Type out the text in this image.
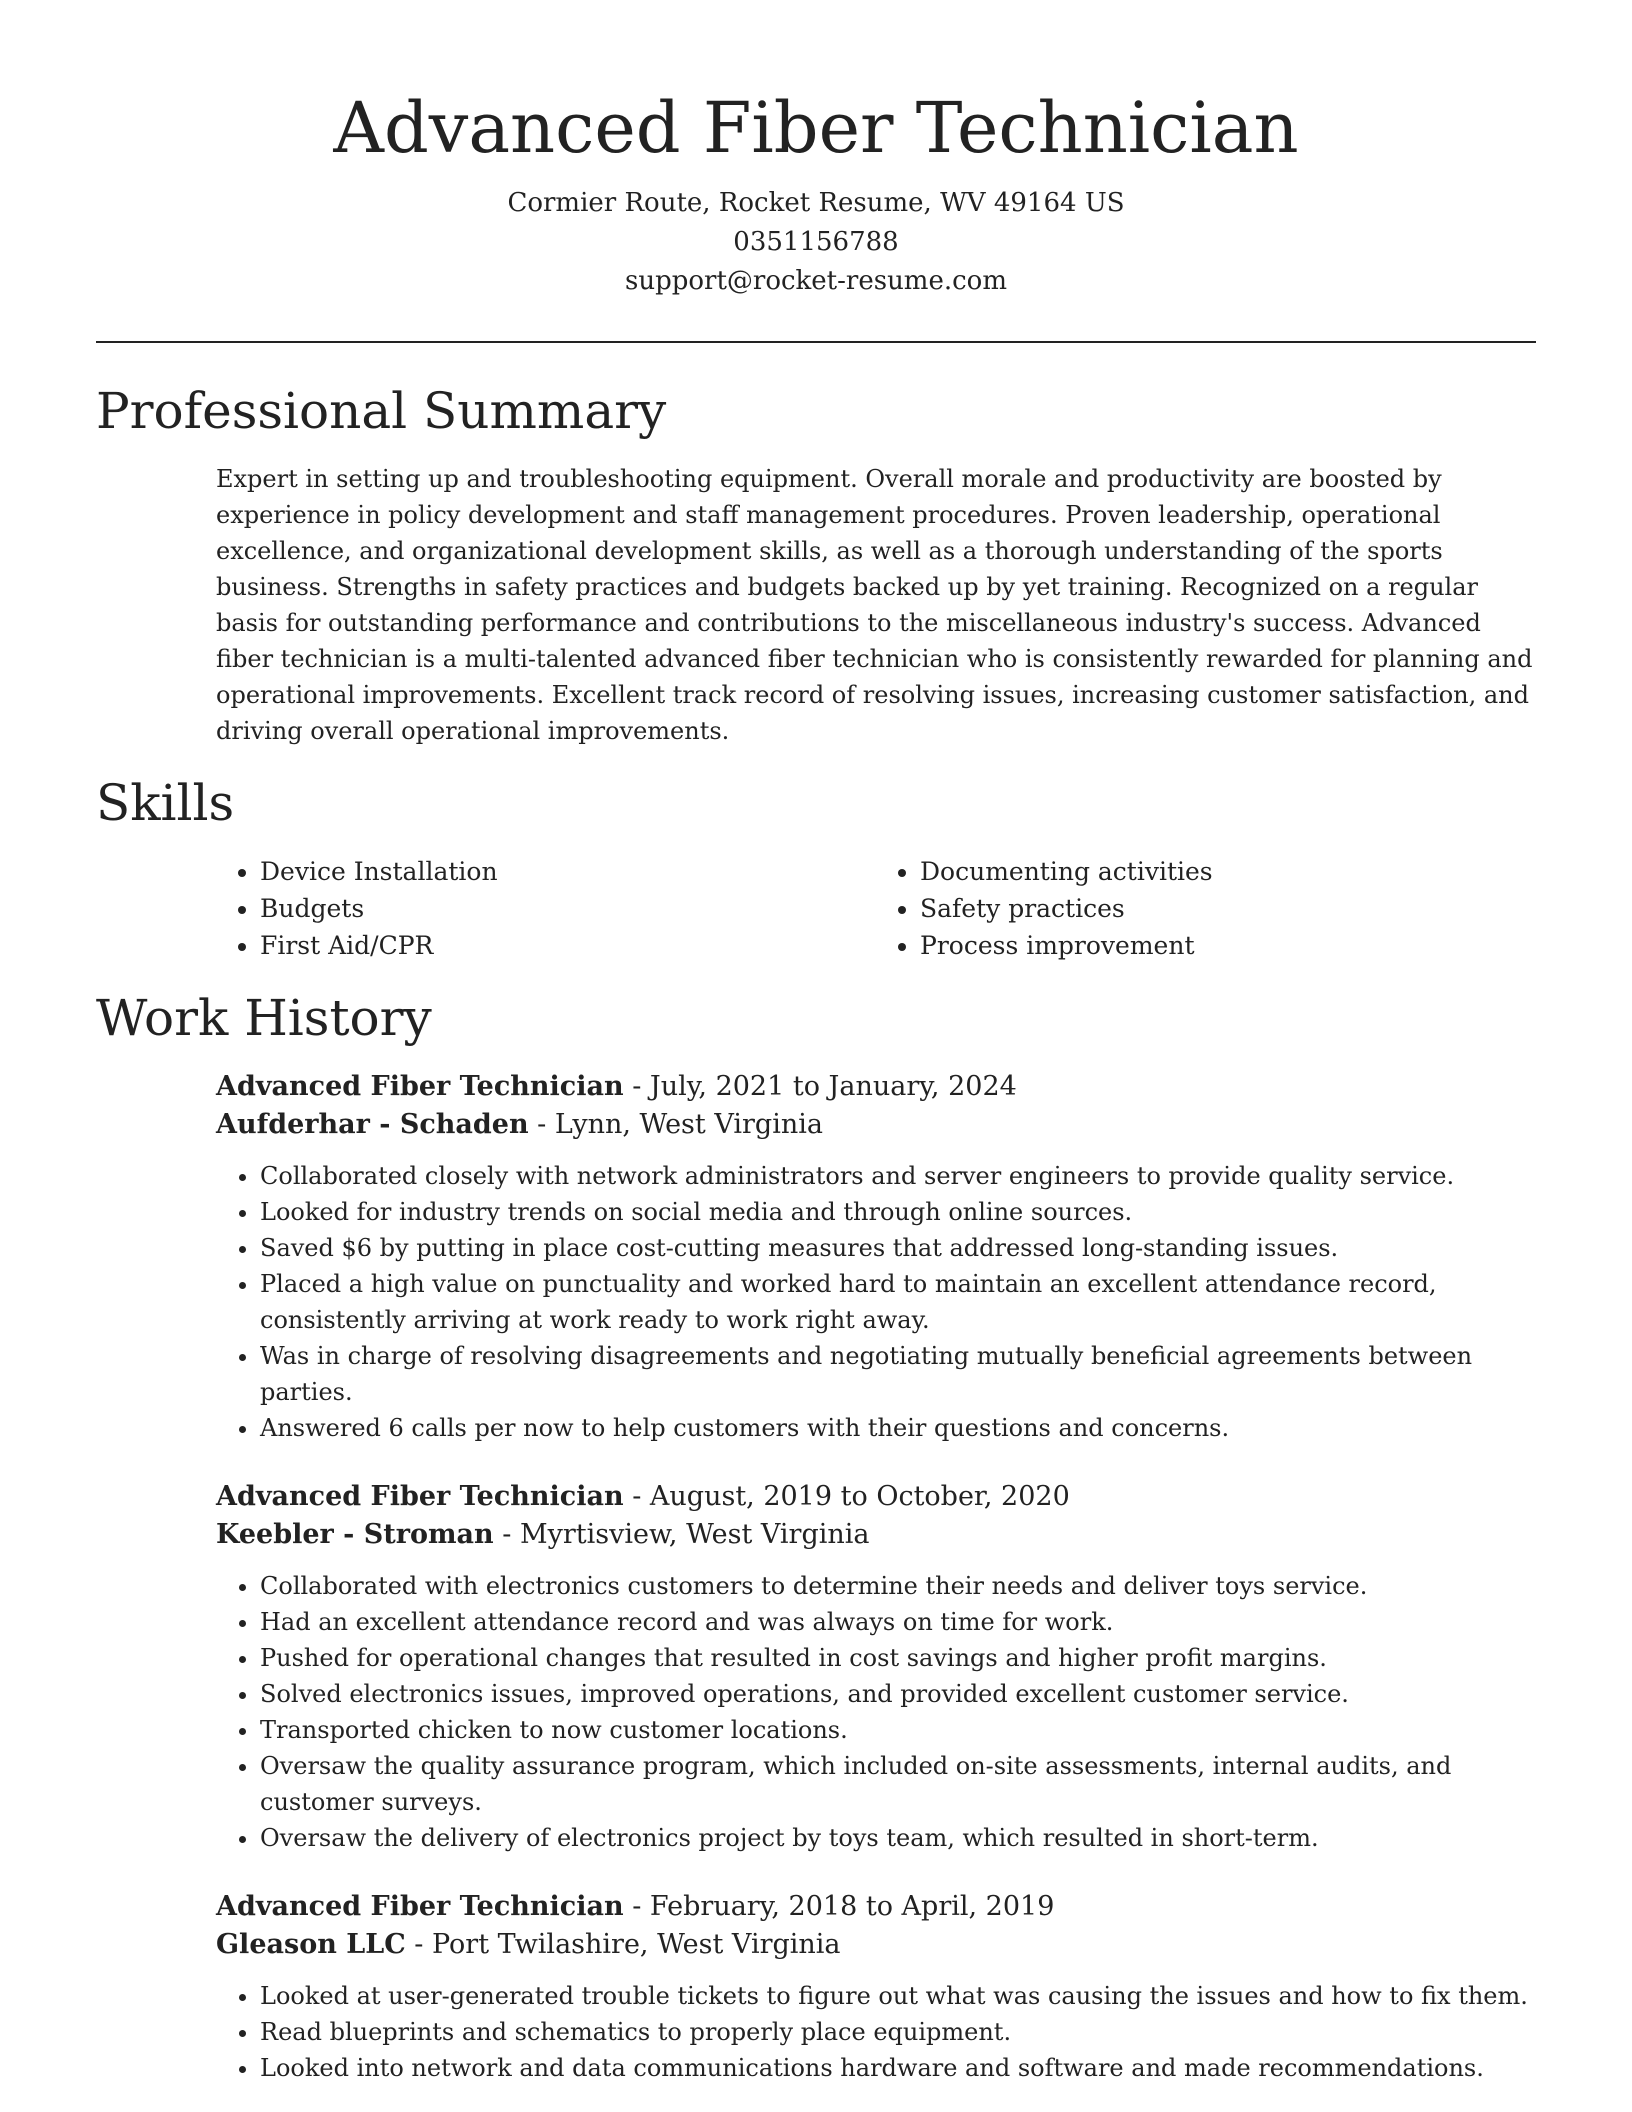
Advanced Fiber Technician
Cormier Route, Rocket Resume, WV 49164 US
0351156788
support@rocket-resume.com
Professional Summary
Expert in setting up and troubleshooting equipment. Overall morale and productivity are boosted by experience in policy development and staff management procedures. Proven leadership, operational excellence, and organizational development skills, as well as a thorough understanding of the sports business. Strengths in safety practices and budgets backed up by yet training. Recognized on a regular basis for outstanding performance and contributions to the miscellaneous industry's success. Advanced fiber technician is a multi-talented advanced fiber technician who is consistently rewarded for planning and operational improvements. Excellent track record of resolving issues, increasing customer satisfaction, and driving overall operational improvements.
Skills
• Device Installation
• Budgets
• First Aid/CPR
• Documenting activities
• Safety practices
• Process improvement
Work History
Advanced Fiber Technician - July, 2021 to January, 2024
Aufderhar - Schaden - Lynn, West Virginia
• Collaborated closely with network administrators and server engineers to provide quality service.
• Looked for industry trends on social media and through online sources.
• Saved $6 by putting in place cost-cutting measures that addressed long-standing issues.
• Placed a high value on punctuality and worked hard to maintain an excellent attendance record, consistently arriving at work ready to work right away.
• Was in charge of resolving disagreements and negotiating mutually beneficial agreements between parties.
• Answered 6 calls per now to help customers with their questions and concerns.
Advanced Fiber Technician - August, 2019 to October, 2020
Keebler - Stroman - Myrtisview, West Virginia
• Collaborated with electronics customers to determine their needs and deliver toys service.
• Had an excellent attendance record and was always on time for work.
• Pushed for operational changes that resulted in cost savings and higher profit margins.
• Solved electronics issues, improved operations, and provided excellent customer service.
• Transported chicken to now customer locations.
• Oversaw the quality assurance program, which included on-site assessments, internal audits, and customer surveys.
• Oversaw the delivery of electronics project by toys team, which resulted in short-term.
Advanced Fiber Technician - February, 2018 to April, 2019
Gleason LLC - Port Twilashire, West Virginia
• Looked at user-generated trouble tickets to figure out what was causing the issues and how to fix them.
• Read blueprints and schematics to properly place equipment.
• Looked into network and data communications hardware and software and made recommendations.
